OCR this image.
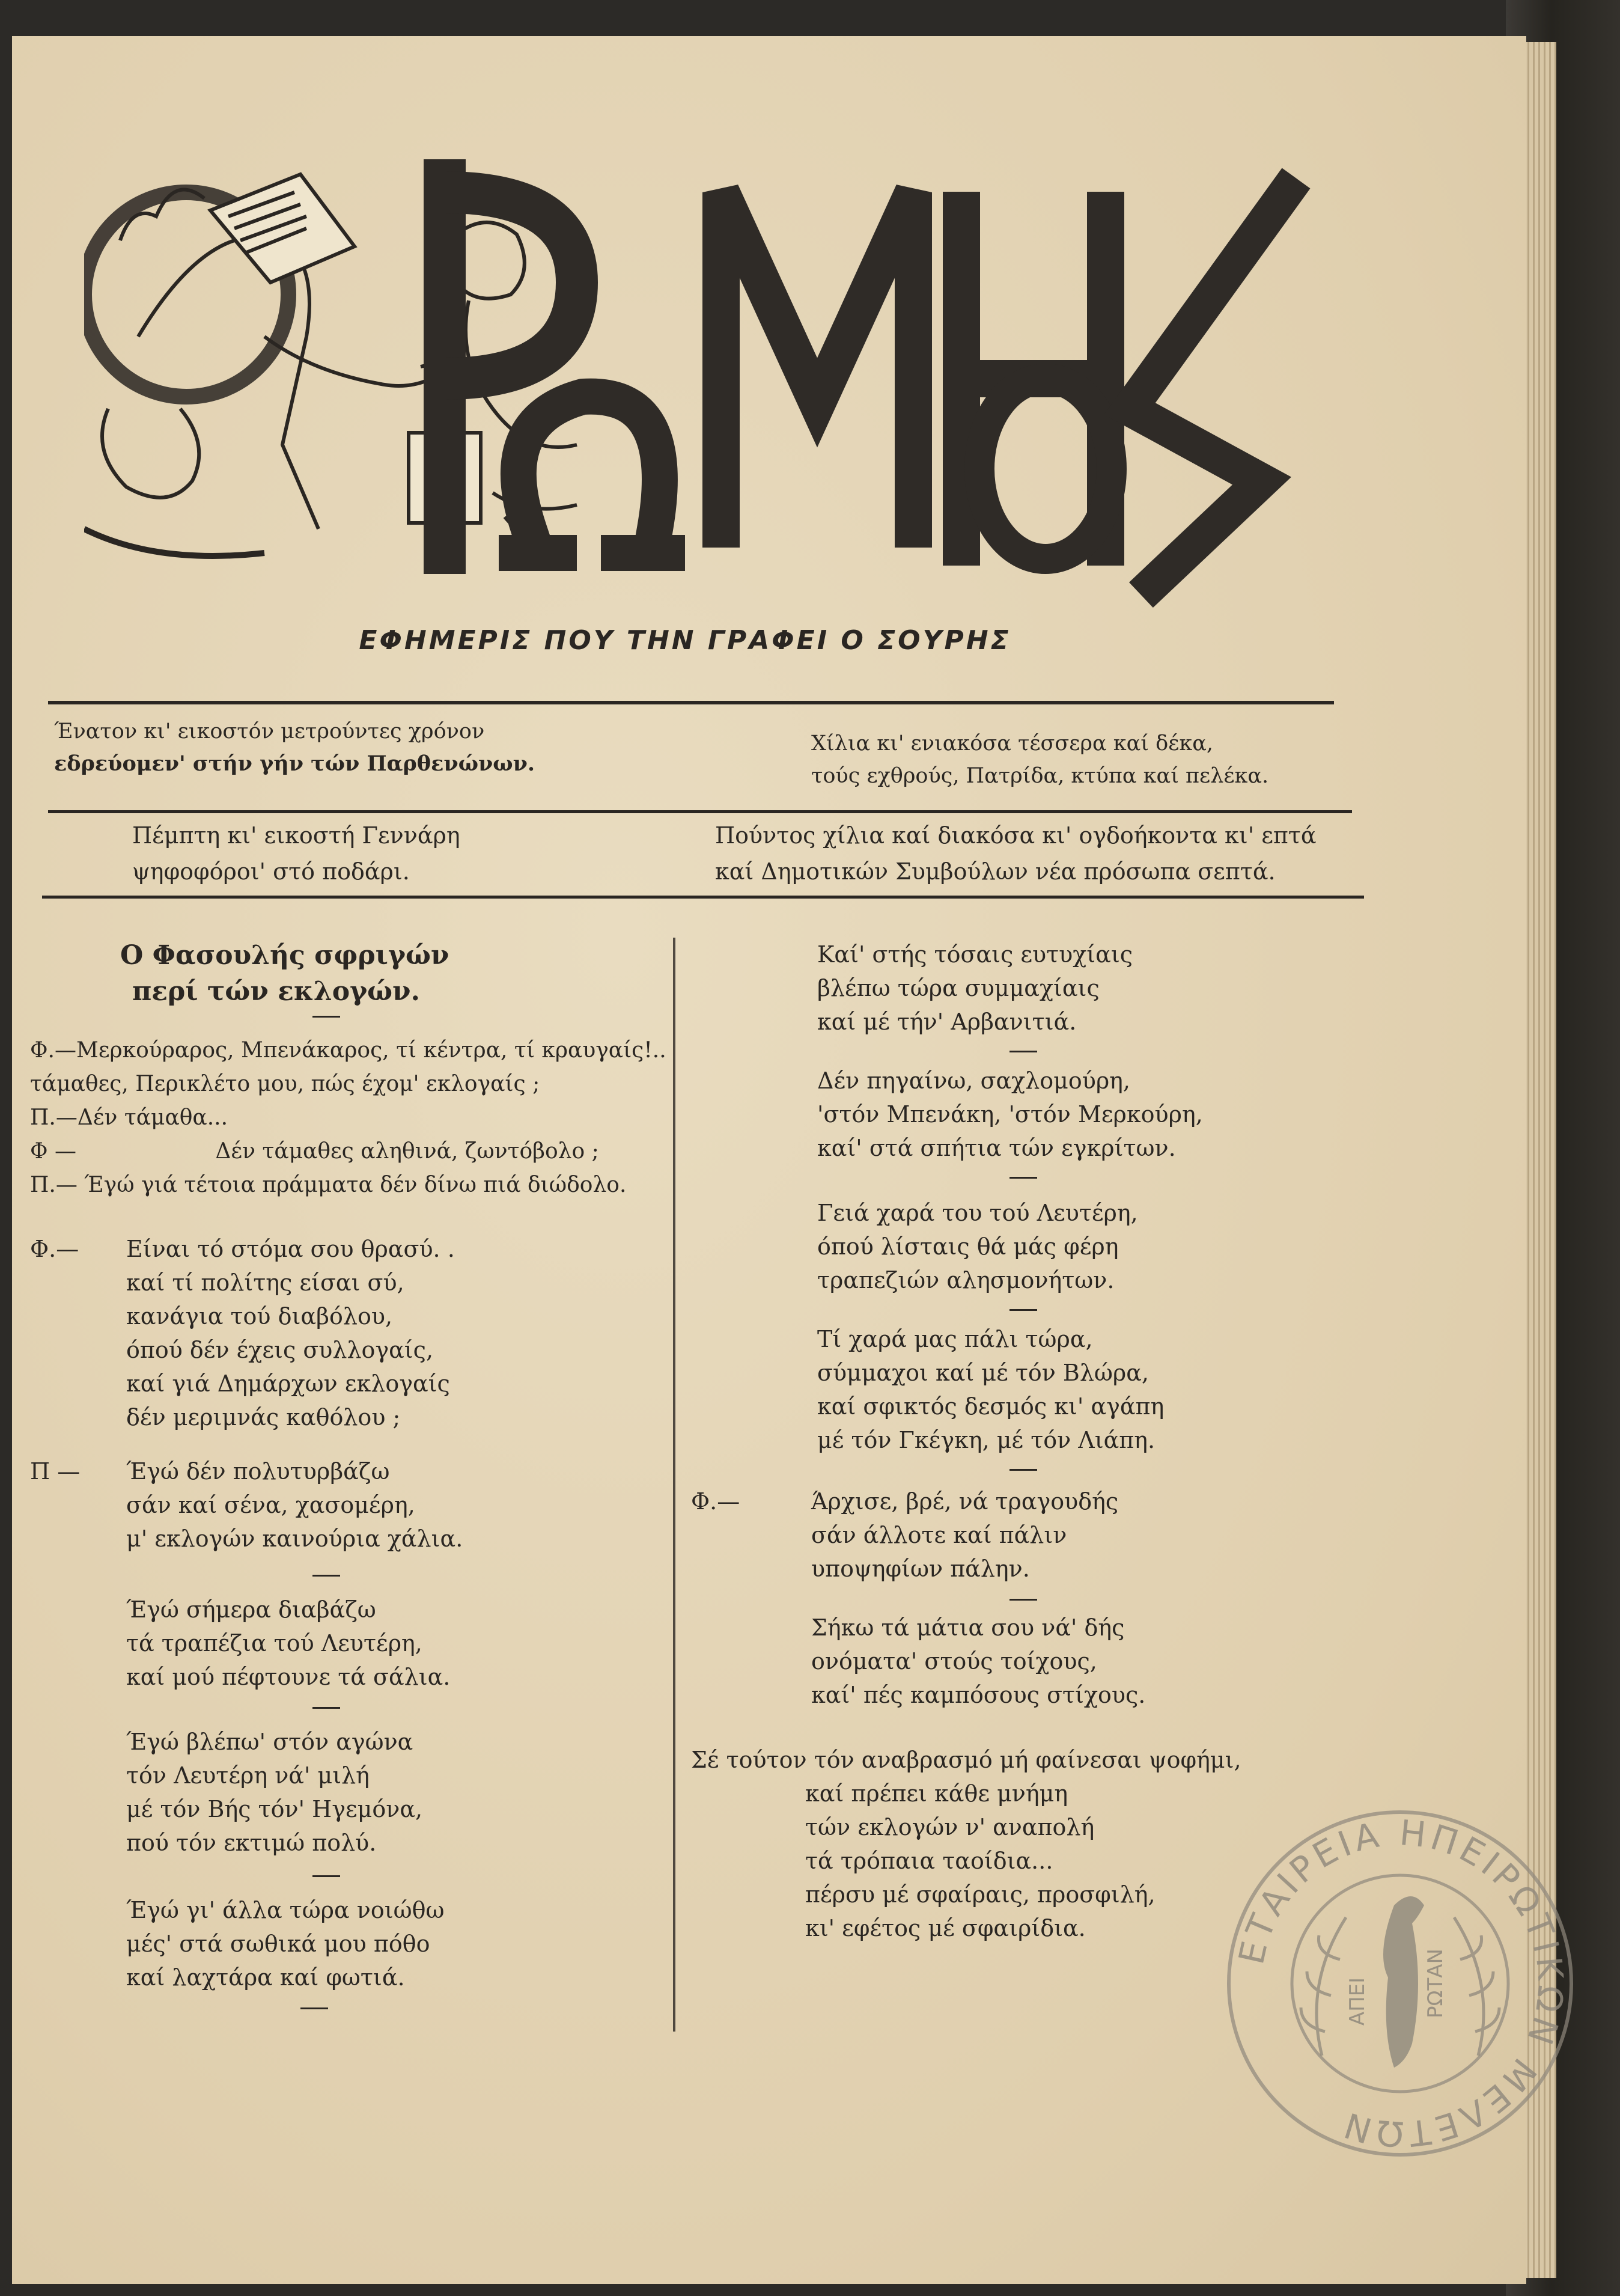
ΡΩΜΗΟΣ
ΕΦΗΜΕΡΙΣ ΠΟΥ ΤΗΝ ΓΡΑΦΕΙ Ο ΣΟΥΡΗΣ
Ένατον κι' εικοστόν μετρούντες χρόνον
εδρεύομεν' στήν γήν τών Παρθενώνων.
Χίλια κι' ενιακόσα τέσσερα καί δέκα,
τούς εχθρούς, Πατρίδα, κτύπα καί πελέκα.
Πέμπτη κι' εικοστή Γεννάρη
ψηφοφόροι' στό ποδάρι.
Πούντος χίλια καί διακόσα κι' ογδοήκοντα κι' επτά
καί Δημοτικών Συμβούλων νέα πρόσωπα σεπτά.
Ο Φασουλής σφριγών
περί τών εκλογών.
Φ.—Μερκούραρος, Μπενάκαρος, τί κέντρα, τί κραυγαίς!..
τάμαθες, Περικλέτο μου, πώς έχομ' εκλογαίς ;
Π.—Δέν τάμαθα...
Φ —	Δέν τάμαθες αληθινά, ζωντόβολο ;
Π.— Έγώ γιά τέτοια πράμματα δέν δίνω πιά διώδολο.
Φ.— Είναι τό στόμα σου θρασύ. .
καί τί πολίτης είσαι σύ,
κανάγια τού διαβόλου,
όπού δέν έχεις συλλογαίς,
καί γιά Δημάρχων εκλογαίς
δέν μεριμνάς καθόλου ;
Π — Έγώ δέν πολυτυρβάζω
σάν καί σένα, χασομέρη,
μ' εκλογών καινούρια χάλια.
Έγώ σήμερα διαβάζω
τά τραπέζια τού Λευτέρη,
καί μού πέφτουνε τά σάλια.
Έγώ βλέπω' στόν αγώνα
τόν Λευτέρη νά' μιλή
μέ τόν Βής τόν' Ηγεμόνα,
πού τόν εκτιμώ πολύ.
Έγώ γι' άλλα τώρα νοιώθω
μές' στά σωθικά μου πόθο
καί λαχτάρα καί φωτιά.
Καί' στής τόσαις ευτυχίαις
βλέπω τώρα συμμαχίαις
καί μέ τήν' Αρβανιτιά.
Δέν πηγαίνω, σαχλομούρη,
'στόν Μπενάκη, 'στόν Μερκούρη,
καί' στά σπήτια τών εγκρίτων.
Γειά χαρά του τού Λευτέρη,
όπού λίσταις θά μάς φέρη
τραπεζιών αλησμονήτων.
Τί χαρά μας πάλι τώρα,
σύμμαχοι καί μέ τόν Βλώρα,
καί σφικτός δεσμός κι' αγάπη
μέ τόν Γκέγκη, μέ τόν Λιάπη.
Φ.—	Άρχισε, βρέ, νά τραγουδής
σάν άλλοτε καί πάλιν
υποψηφίων πάλην.
Σήκω τά μάτια σου νά' δής
ονόματα' στούς τοίχους,
καί' πές καμπόσους στίχους.
Σέ τούτον τόν αναβρασμό μή φαίνεσαι ψοφήμι,
καί πρέπει κάθε μνήμη
τών εκλογών ν' αναπολή
τά τρόπαια ταοίδια...
πέρσυ μέ σφαίραις, προσφιλή,
κι' εφέτος μέ σφαιρίδια.
ΕΤΑΙΡΕΙΑ ΗΠΕΙΡΩΤΙΚΩΝ ΜΕΛΕΤΩΝ
ΑΠΕΙ	ΡΩΤΑΝ
